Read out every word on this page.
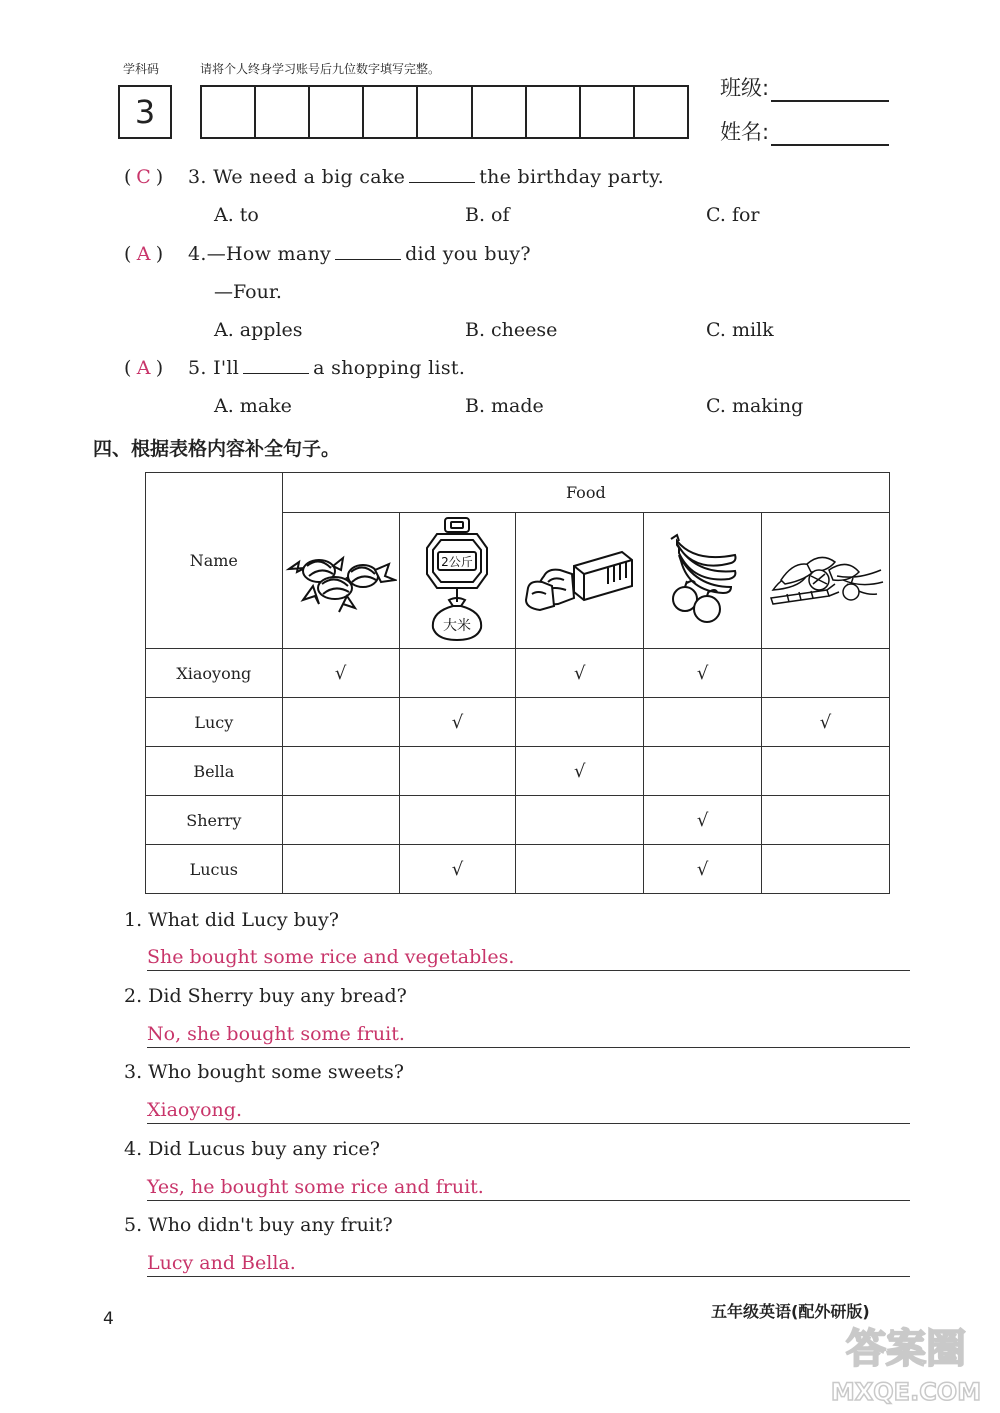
学科码	请将个人终身学习账号后九位数字填写完整。
3
班级:
姓名:
( C ) 3. We need a big cake	the birthday party.
A. to	B. of	C. for
( A ) 4.—How many	did you buy?
—Four.
A. apples	B. cheese	C. milk
( A ) 5. I'll	a shopping list.
A. make	B. made	C. making
四、根据表格内容补全句子。
Name	Food				

2公斤
大米

Xiaoyong	√		√	√	
Lucy		√			√
Bella			√		
Sherry				√	
Lucus		√		√	
1. What did Lucy buy?
She bought some rice and vegetables.
2. Did Sherry buy any bread?
No, she bought some fruit.
3. Who bought some sweets?
Xiaoyong.
4. Did Lucus buy any rice?
Yes, he bought some rice and fruit.
5. Who didn't buy any fruit?
Lucy and Bella.
4	五年级英语(配外研版)
答案圈
MXQE.COM
